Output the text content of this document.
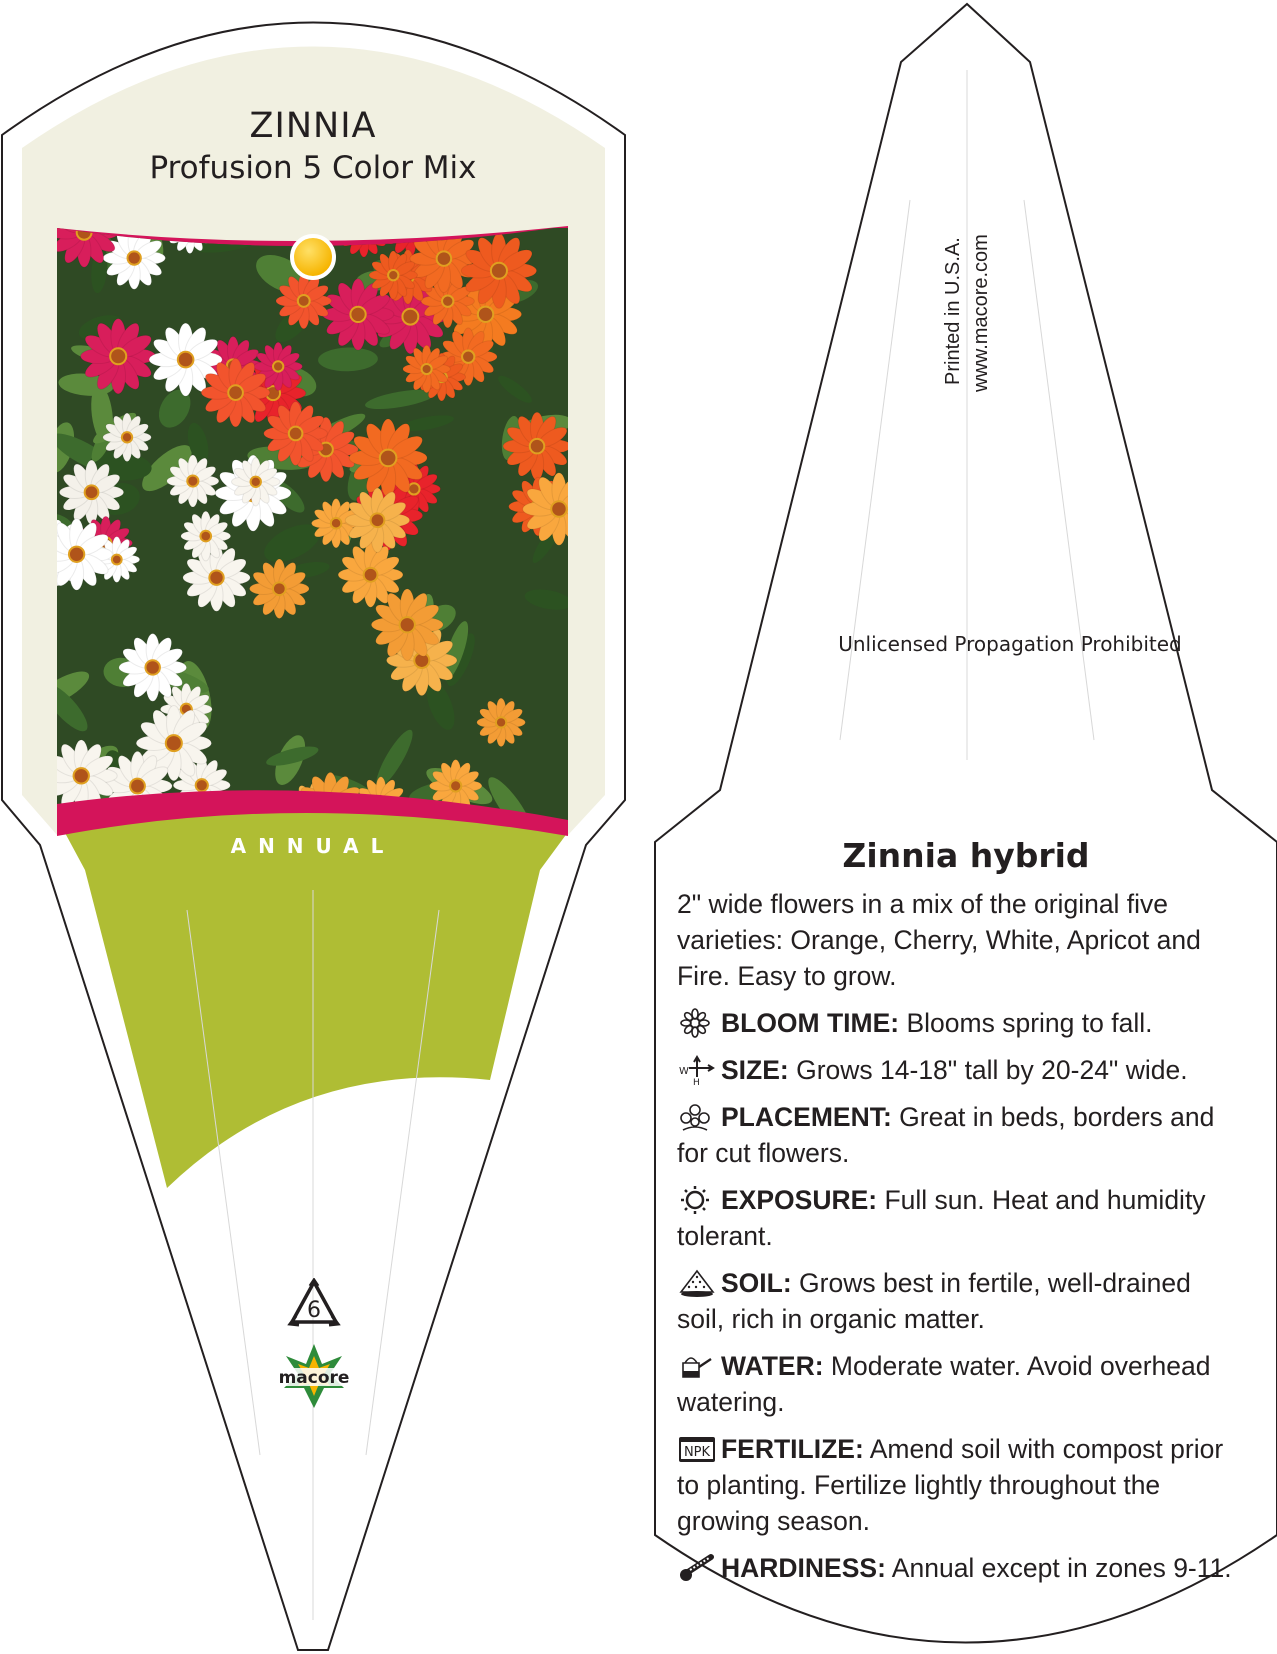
ZINNIA
Profusion 5 Color Mix
ANNUAL
6
macore
Printed in U.S.A. www.macore.com
Unlicensed Propagation Prohibited
Zinnia hybrid

2" wide flowers in a mix of the original five varieties: Orange, Cherry, White, Apricot and Fire. Easy to grow.

BLOOM TIME: Blooms spring to fall.

W
H SIZE: Grows 14-18" tall by 20-24" wide.

PLACEMENT: Great in beds, borders and for cut flowers.

EXPOSURE: Full sun. Heat and humidity tolerant.

SOIL: Grows best in fertile, well-drained soil, rich in organic matter.

WATER: Moderate water. Avoid overhead watering.

NPK FERTILIZE: Amend soil with compost prior to planting. Fertilize lightly throughout the growing season.

HARDINESS: Annual except in zones 9-11.
